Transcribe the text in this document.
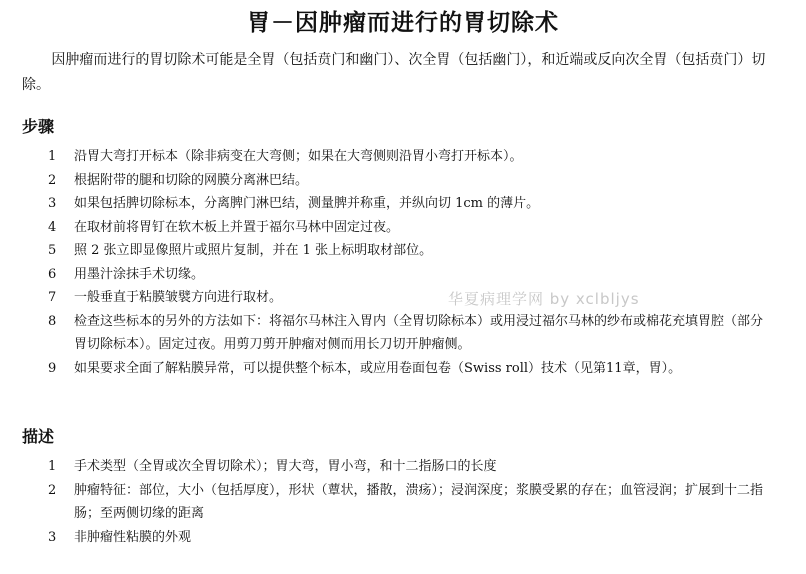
胃－因肿瘤而进行的胃切除术
因肿瘤而进行的胃切除术可能是全胃（包括贲门和幽门）、次全胃（包括幽门），和近端或反向次全胃（包括贲门）切除。
步骤
1	沿胃大弯打开标本（除非病变在大弯侧；如果在大弯侧则沿胃小弯打开标本）。
2	根据附带的腿和切除的网膜分离淋巴结。
3	如果包括脾切除标本，分离脾门淋巴结，测量脾并称重，并纵向切 1cm 的薄片。
4	在取材前将胃钉在软木板上并置于福尔马林中固定过夜。
5	照 2 张立即显像照片或照片复制，并在 1 张上标明取材部位。
6	用墨汁涂抹手术切缘。
7	一般垂直于粘膜皱襞方向进行取材。
8	检查这些标本的另外的方法如下：将福尔马林注入胃内（全胃切除标本）或用浸过福尔马林的纱布或棉花充填胃腔（部分胃切除标本）。固定过夜。用剪刀剪开肿瘤对侧而用长刀切开肿瘤侧。
9	如果要求全面了解粘膜异常，可以提供整个标本，或应用卷面包卷（Swiss roll）技术（见第11章，胃）。
描述
1	手术类型（全胃或次全胃切除术）；胃大弯，胃小弯，和十二指肠口的长度
2	肿瘤特征：部位，大小（包括厚度），形状（蕈状，播散，溃疡）；浸润深度；浆膜受累的存在；血管浸润；扩展到十二指肠；至两侧切缘的距离
3	非肿瘤性粘膜的外观
华夏病理学网 by xclbljys
